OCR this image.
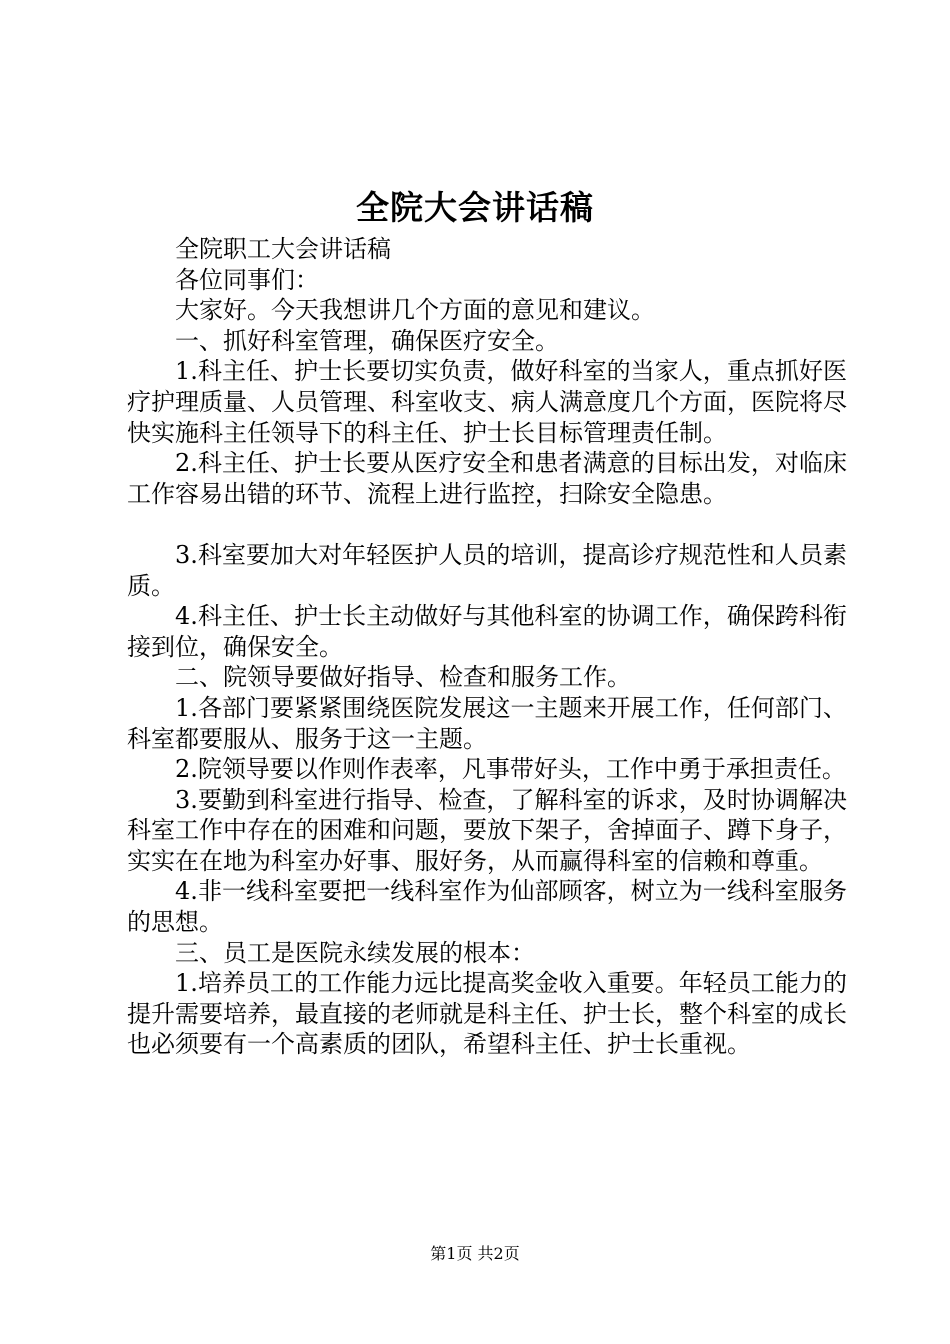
全院大会讲话稿

全院职工大会讲话稿

各位同事们：

大家好。今天我想讲几个方面的意见和建议。

一、抓好科室管理，确保医疗安全。

1.科主任、护士长要切实负责，做好科室的当家人，重点抓好医疗护理质量、人员管理、科室收支、病人满意度几个方面，医院将尽快实施科主任领导下的科主任、护士长目标管理责任制。

2.科主任、护士长要从医疗安全和患者满意的目标出发，对临床工作容易出错的环节、流程上进行监控，扫除安全隐患。

3.科室要加大对年轻医护人员的培训，提高诊疗规范性和人员素质。

4.科主任、护士长主动做好与其他科室的协调工作，确保跨科衔接到位，确保安全。

二、院领导要做好指导、检查和服务工作。

1.各部门要紧紧围绕医院发展这一主题来开展工作，任何部门、科室都要服从、服务于这一主题。

2.院领导要以作则作表率，凡事带好头，工作中勇于承担责任。

3.要勤到科室进行指导、检查，了解科室的诉求，及时协调解决科室工作中存在的困难和问题，要放下架子，舍掉面子、蹲下身子，实实在在地为科室办好事、服好务，从而赢得科室的信赖和尊重。

4.非一线科室要把一线科室作为仙部顾客，树立为一线科室服务的思想。

三、员工是医院永续发展的根本：

1.培养员工的工作能力远比提高奖金收入重要。年轻员工能力的提升需要培养，最直接的老师就是科主任、护士长，整个科室的成长也必须要有一个高素质的团队，希望科主任、护士长重视。

第1页 共2页
